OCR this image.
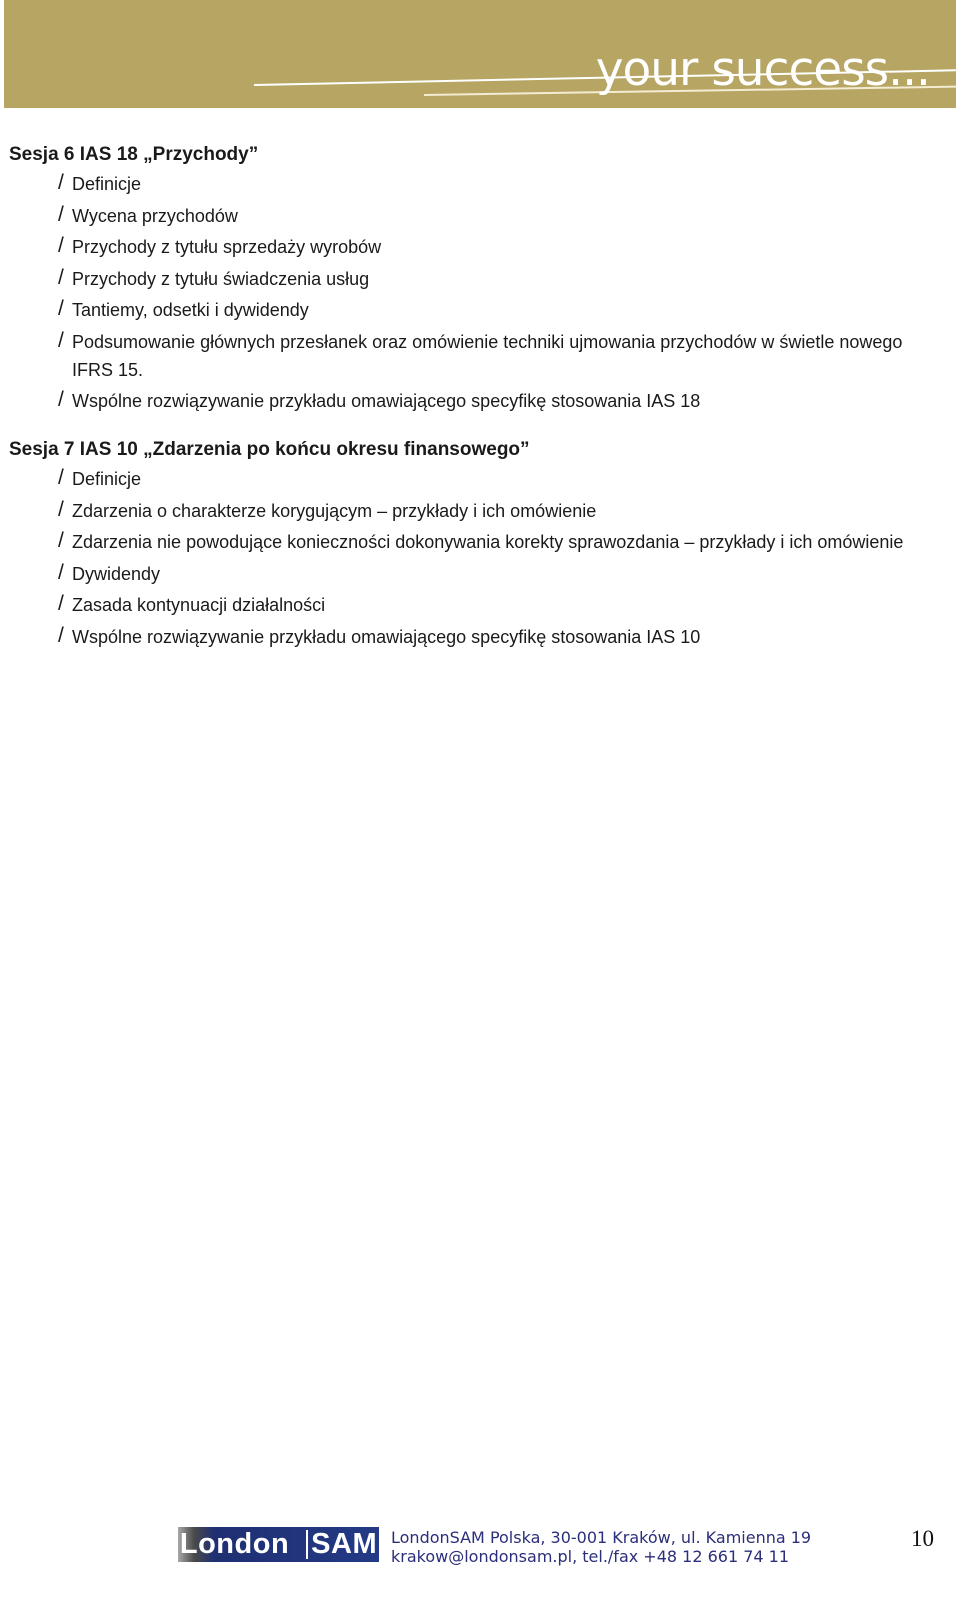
your success...
Sesja 6 IAS 18 „Przychody”
/ Definicje
/ Wycena przychodów
/ Przychody z tytułu sprzedaży wyrobów
/ Przychody z tytułu świadczenia usług
/ Tantiemy, odsetki i dywidendy
/ Podsumowanie głównych przesłanek oraz omówienie techniki ujmowania przychodów w świetle nowego IFRS 15.
/ Wspólne rozwiązywanie przykładu omawiającego specyfikę stosowania IAS 18
Sesja 7 IAS 10 „Zdarzenia po końcu okresu finansowego”
/ Definicje
/ Zdarzenia o charakterze korygującym – przykłady i ich omówienie
/ Zdarzenia nie powodujące konieczności dokonywania korekty sprawozdania – przykłady i ich omówienie
/ Dywidendy
/ Zasada kontynuacji działalności
/ Wspólne rozwiązywanie przykładu omawiającego specyfikę stosowania IAS 10
London SAM LondonSAM Polska, 30-001 Kraków, ul. Kamienna 19
krakow@londonsam.pl, tel./fax +48 12 661 74 11
10
